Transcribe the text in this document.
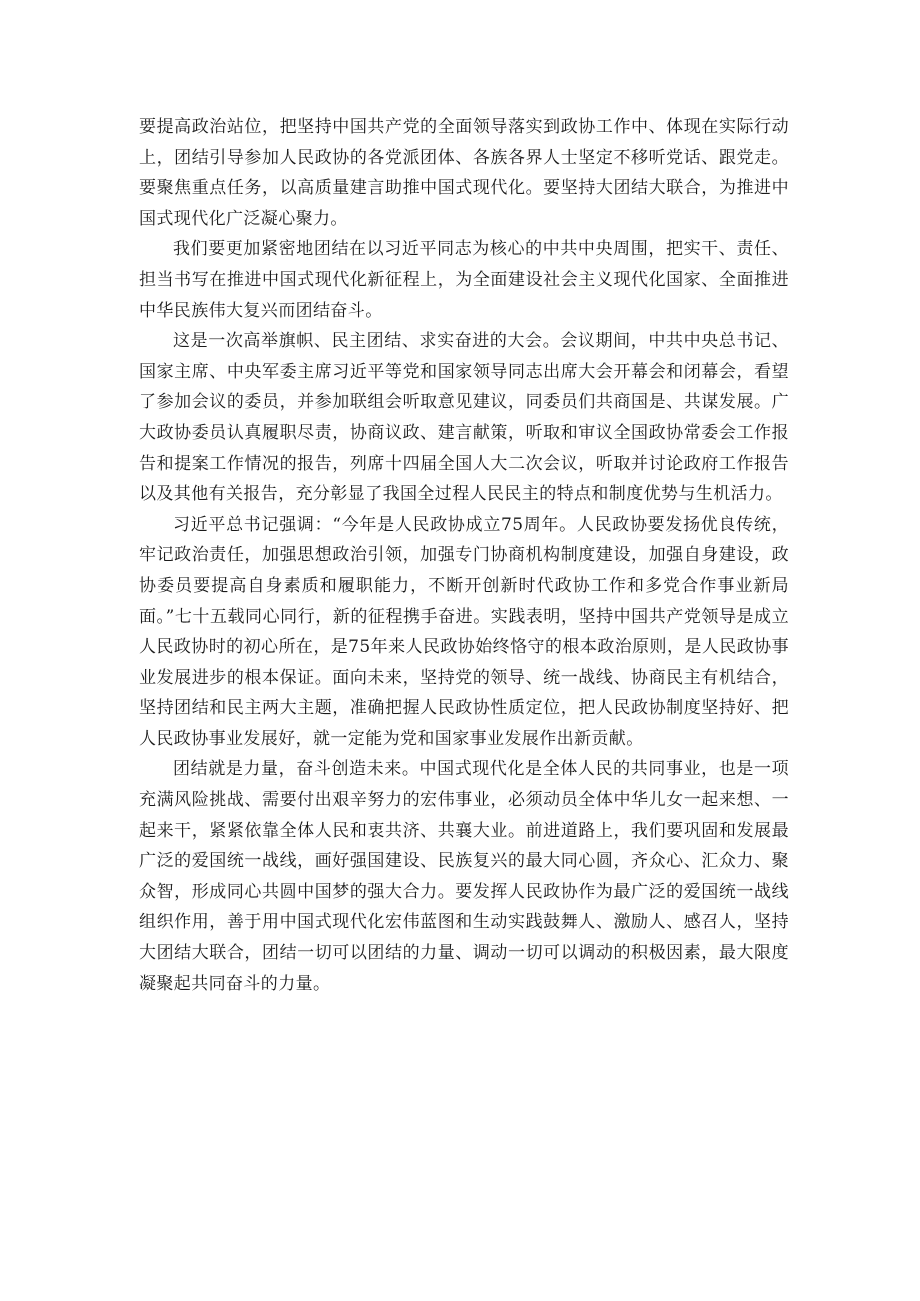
要提高政治站位，把坚持中国共产党的全面领导落实到政协工作中、体现在实际行动上，团结引导参加人民政协的各党派团体、各族各界人士坚定不移听党话、跟党走。要聚焦重点任务，以高质量建言助推中国式现代化。要坚持大团结大联合，为推进中国式现代化广泛凝心聚力。

我们要更加紧密地团结在以习近平同志为核心的中共中央周围，把实干、责任、担当书写在推进中国式现代化新征程上，为全面建设社会主义现代化国家、全面推进中华民族伟大复兴而团结奋斗。

这是一次高举旗帜、民主团结、求实奋进的大会。会议期间，中共中央总书记、国家主席、中央军委主席习近平等党和国家领导同志出席大会开幕会和闭幕会，看望了参加会议的委员，并参加联组会听取意见建议，同委员们共商国是、共谋发展。广大政协委员认真履职尽责，协商议政、建言献策，听取和审议全国政协常委会工作报告和提案工作情况的报告，列席十四届全国人大二次会议，听取并讨论政府工作报告以及其他有关报告，充分彰显了我国全过程人民民主的特点和制度优势与生机活力。

习近平总书记强调：“今年是人民政协成立75周年。人民政协要发扬优良传统，牢记政治责任，加强思想政治引领，加强专门协商机构制度建设，加强自身建设，政协委员要提高自身素质和履职能力，不断开创新时代政协工作和多党合作事业新局面。”七十五载同心同行，新的征程携手奋进。实践表明，坚持中国共产党领导是成立人民政协时的初心所在，是75年来人民政协始终恪守的根本政治原则，是人民政协事业发展进步的根本保证。面向未来，坚持党的领导、统一战线、协商民主有机结合，坚持团结和民主两大主题，准确把握人民政协性质定位，把人民政协制度坚持好、把人民政协事业发展好，就一定能为党和国家事业发展作出新贡献。

团结就是力量，奋斗创造未来。中国式现代化是全体人民的共同事业，也是一项充满风险挑战、需要付出艰辛努力的宏伟事业，必须动员全体中华儿女一起来想、一起来干，紧紧依靠全体人民和衷共济、共襄大业。前进道路上，我们要巩固和发展最广泛的爱国统一战线，画好强国建设、民族复兴的最大同心圆，齐众心、汇众力、聚众智，形成同心共圆中国梦的强大合力。要发挥人民政协作为最广泛的爱国统一战线组织作用，善于用中国式现代化宏伟蓝图和生动实践鼓舞人、激励人、感召人，坚持大团结大联合，团结一切可以团结的力量、调动一切可以调动的积极因素，最大限度凝聚起共同奋斗的力量。
